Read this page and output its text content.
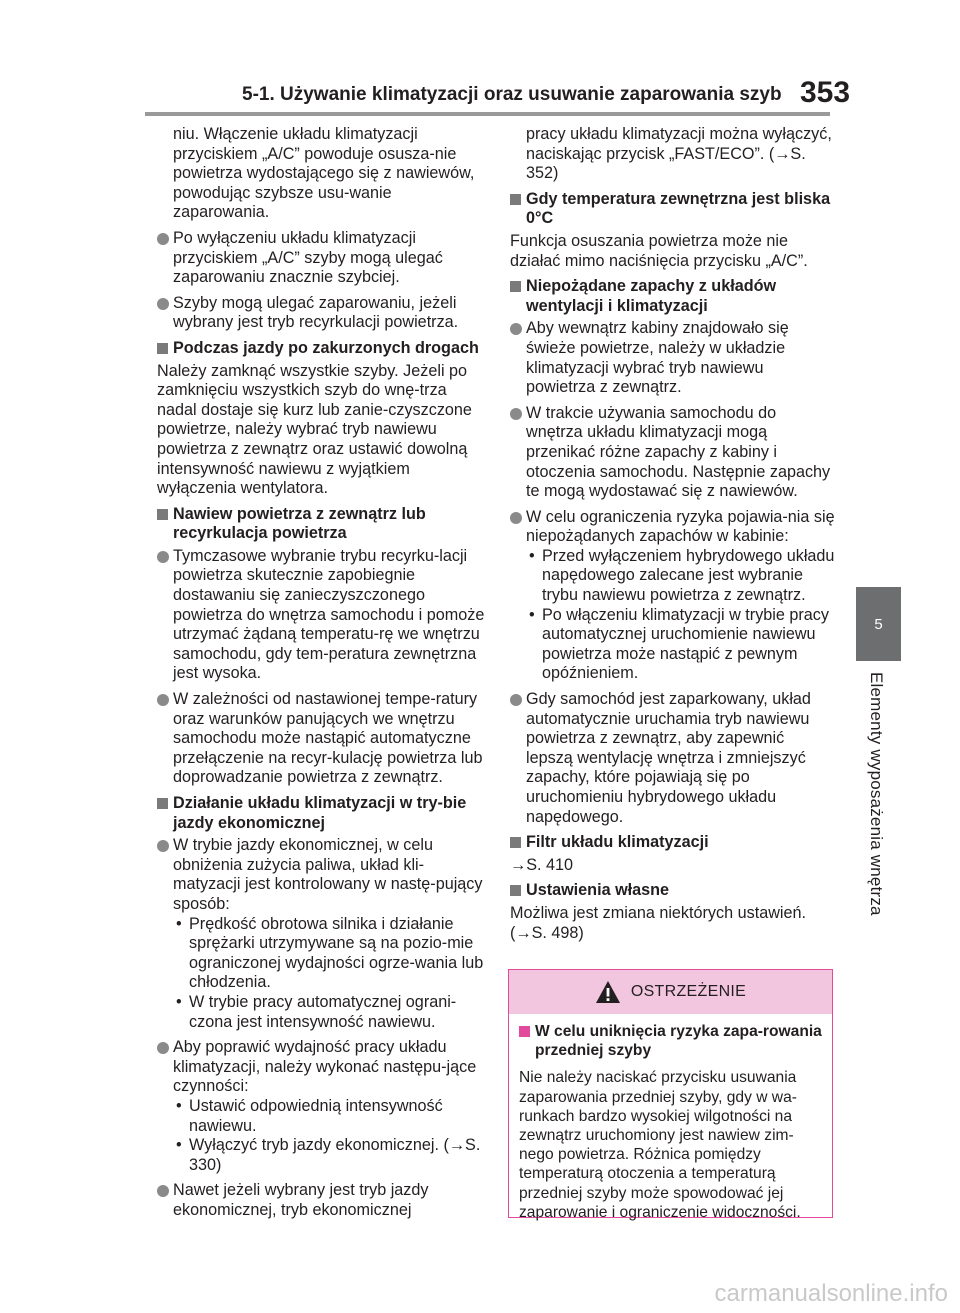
5-1. Używanie klimatyzacji oraz usuwanie zaparowania szyb 353
5
Elementy wyposażenia wnętrza

niu. Włączenie układu klimatyzacji przyciskiem „A/C” powoduje osusza-nie powietrza wydostającego się z nawiewów, powodując szybsze usu-wanie zaparowania.

Po wyłączeniu układu klimatyzacji przyciskiem „A/C” szyby mogą ulegać zaparowaniu znacznie szybciej.
Szyby mogą ulegać zaparowaniu, jeżeli wybrany jest tryb recyrkulacji powietrza.
Podczas jazdy po zakurzonych drogach

Należy zamknąć wszystkie szyby. Jeżeli po zamknięciu wszystkich szyb do wnę-trza nadal dostaje się kurz lub zanie-czyszczone powietrze, należy wybrać tryb nawiewu powietrza z zewnątrz oraz ustawić dowolną intensywność nawiewu z wyjątkiem wyłączenia wentylatora.

Nawiew powietrza z zewnątrz lub recyrkulacja powietrza
Tymczasowe wybranie trybu recyrku-lacji powietrza skutecznie zapobiegnie dostawaniu się zanieczyszczonego powietrza do wnętrza samochodu i pomoże utrzymać żądaną temperatu-rę we wnętrzu samochodu, gdy tem-peratura zewnętrzna jest wysoka.
W zależności od nastawionej tempe-ratury oraz warunków panujących we wnętrzu samochodu może nastąpić automatyczne przełączenie na recyr-kulację powietrza lub doprowadzanie powietrza z zewnątrz.
Działanie układu klimatyzacji w try-bie jazdy ekonomicznej
W trybie jazdy ekonomicznej, w celu obniżenia zużycia paliwa, układ kli-matyzacji jest kontrolowany w nastę-pujący sposób:
• Prędkość obrotowa silnika i działanie sprężarki utrzymywane są na pozio-mie ograniczonej wydajności ogrze-wania lub chłodzenia.
• W trybie pracy automatycznej ograni-czona jest intensywność nawiewu.
Aby poprawić wydajność pracy układu klimatyzacji, należy wykonać następu-jące czynności:
• Ustawić odpowiednią intensywność nawiewu.
• Wyłączyć tryb jazdy ekonomicznej. (→S. 330)
Nawet jeżeli wybrany jest tryb jazdy ekonomicznej, tryb ekonomicznej

pracy układu klimatyzacji można wyłączyć, naciskając przycisk „FAST/ECO”. (→S. 352)

Gdy temperatura zewnętrzna jest bliska 0°C

Funkcja osuszania powietrza może nie działać mimo naciśnięcia przycisku „A/C”.

Niepożądane zapachy z układów wentylacji i klimatyzacji
Aby wewnątrz kabiny znajdowało się świeże powietrze, należy w układzie klimatyzacji wybrać tryb nawiewu powietrza z zewnątrz.
W trakcie używania samochodu do wnętrza układu klimatyzacji mogą przenikać różne zapachy z kabiny i otoczenia samochodu. Następnie zapachy te mogą wydostawać się z nawiewów.
W celu ograniczenia ryzyka pojawia-nia się niepożądanych zapachów w kabinie:
• Przed wyłączeniem hybrydowego układu napędowego zalecane jest wybranie trybu nawiewu powietrza z zewnątrz.
• Po włączeniu klimatyzacji w trybie pracy automatycznej uruchomienie nawiewu powietrza może nastąpić z pewnym opóźnieniem.
Gdy samochód jest zaparkowany, układ automatycznie uruchamia tryb nawiewu powietrza z zewnątrz, aby zapewnić lepszą wentylację wnętrza i zmniejszyć zapachy, które pojawiają się po uruchomieniu hybrydowego układu napędowego.
Filtr układu klimatyzacji

→S. 410

Ustawienia własne

Możliwa jest zmiana niektórych ustawień. (→S. 498)

OSTRZEŻENIE
W celu uniknięcia ryzyka zapa-rowania przedniej szyby
Nie należy naciskać przycisku usuwania zaparowania przedniej szyby, gdy w wa-runkach bardzo wysokiej wilgotności na zewnątrz uruchomiony jest nawiew zim-nego powietrza. Różnica pomiędzy temperaturą otoczenia a temperaturą przedniej szyby może spowodować jej zaparowanie i ograniczenie widoczności.
carmanualsonline.info
